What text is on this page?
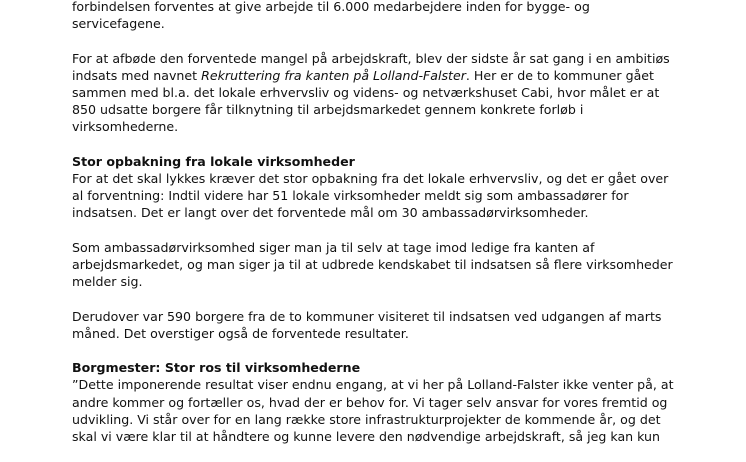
forbindelsen forventes at give arbejde til 6.000 medarbejdere inden for bygge- og

servicefagene.

For at afbøde den forventede mangel på arbejdskraft, blev der sidste år sat gang i en ambitiøs

indsats med navnet Rekruttering fra kanten på Lolland-Falster. Her er de to kommuner gået

sammen med bl.a. det lokale erhvervsliv og videns- og netværkshuset Cabi, hvor målet er at

850 udsatte borgere får tilknytning til arbejdsmarkedet gennem konkrete forløb i

virksomhederne.

Stor opbakning fra lokale virksomheder

For at det skal lykkes kræver det stor opbakning fra det lokale erhvervsliv, og det er gået over

al forventning: Indtil videre har 51 lokale virksomheder meldt sig som ambassadører for

indsatsen. Det er langt over det forventede mål om 30 ambassadørvirksomheder.

Som ambassadørvirksomhed siger man ja til selv at tage imod ledige fra kanten af

arbejdsmarkedet, og man siger ja til at udbrede kendskabet til indsatsen så flere virksomheder

melder sig.

Derudover var 590 borgere fra de to kommuner visiteret til indsatsen ved udgangen af marts

måned. Det overstiger også de forventede resultater.

Borgmester: Stor ros til virksomhederne

”Dette imponerende resultat viser endnu engang, at vi her på Lolland-Falster ikke venter på, at

andre kommer og fortæller os, hvad der er behov for. Vi tager selv ansvar for vores fremtid og

udvikling. Vi står over for en lang række store infrastrukturprojekter de kommende år, og det

skal vi være klar til at håndtere og kunne levere den nødvendige arbejdskraft, så jeg kan kun
